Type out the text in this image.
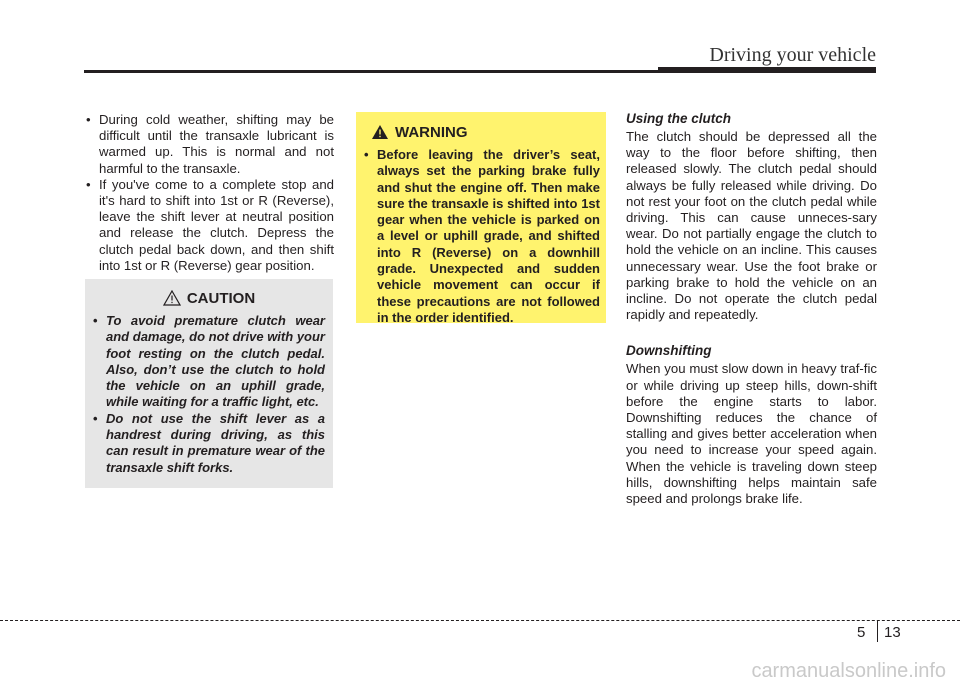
Driving your vehicle
• During cold weather, shifting may be difficult until the transaxle lubricant is warmed up. This is normal and not harmful to the transaxle.
• If you've come to a complete stop and it's hard to shift into 1st or R (Reverse), leave the shift lever at neutral position and release the clutch. Depress the clutch pedal back down, and then shift into 1st or R (Reverse) gear position.
CAUTION
• To avoid premature clutch wear and damage, do not drive with your foot resting on the clutch pedal. Also, don’t use the clutch to hold the vehicle on an uphill grade, while waiting for a traffic light, etc.
• Do not use the shift lever as a handrest during driving, as this can result in premature wear of the transaxle shift forks.
WARNING
• Before leaving the driver’s seat, always set the parking brake fully and shut the engine off. Then make sure the transaxle is shifted into 1st gear when the vehicle is parked on a level or uphill grade, and shifted into R (Reverse) on a downhill grade. Unexpected and sudden vehicle movement can occur if these precautions are not followed in the order identified.
Using the clutch

The clutch should be depressed all the way to the floor before shifting, then released slowly. The clutch pedal should always be fully released while driving. Do not rest your foot on the clutch pedal while driving. This can cause unneces-sary wear. Do not partially engage the clutch to hold the vehicle on an incline. This causes unnecessary wear. Use the foot brake or parking brake to hold the vehicle on an incline. Do not operate the clutch pedal rapidly and repeatedly.

Downshifting

When you must slow down in heavy traf-fic or while driving up steep hills, down-shift before the engine starts to labor. Downshifting reduces the chance of stalling and gives better acceleration when you need to increase your speed again. When the vehicle is traveling down steep hills, downshifting helps maintain safe speed and prolongs brake life.

5 13
carmanualsonline.info
